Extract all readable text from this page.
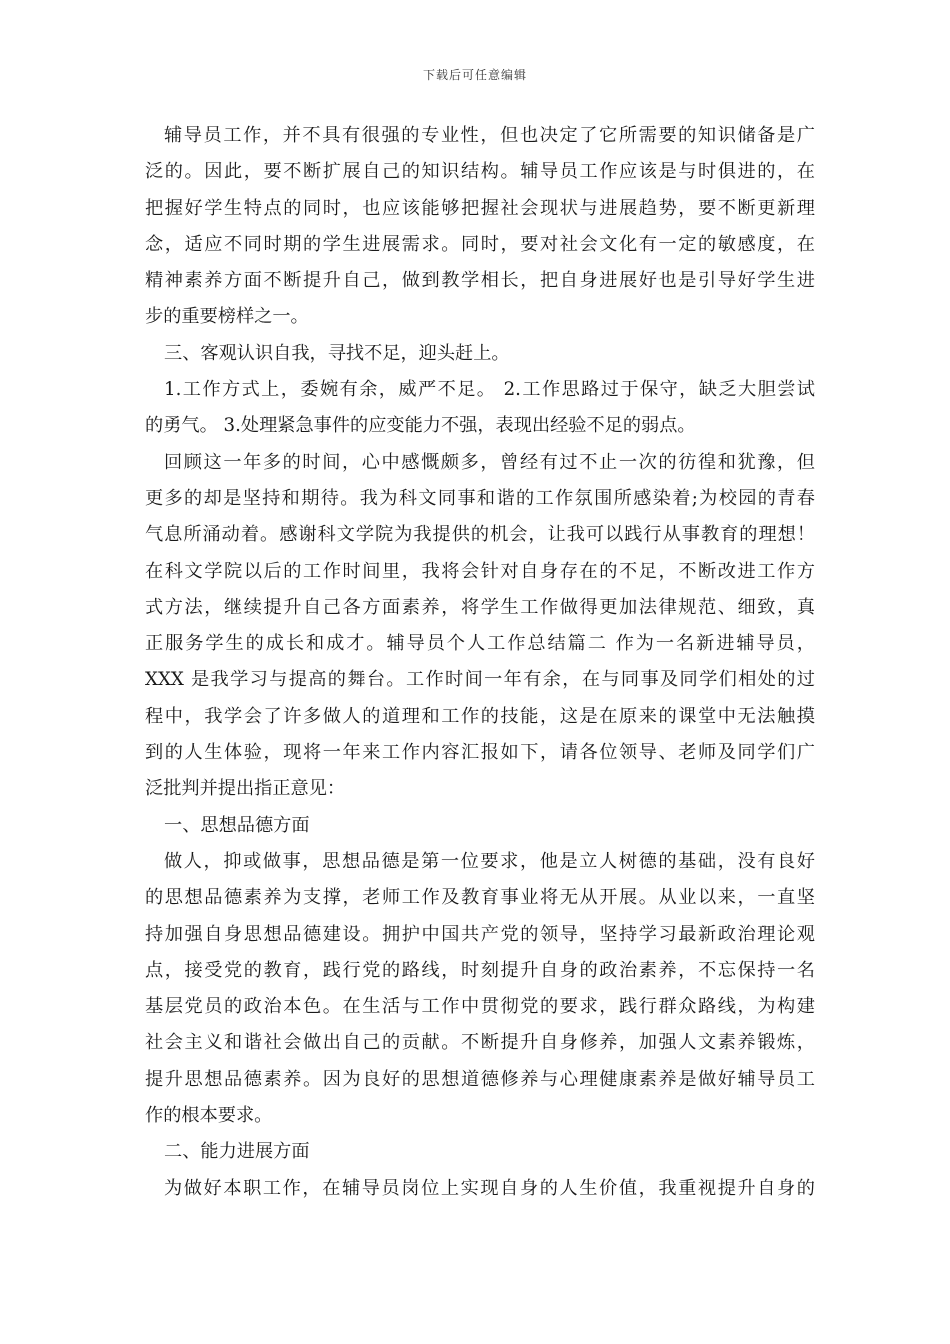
下载后可任意编辑
辅导员工作，并不具有很强的专业性，但也决定了它所需要的知识储备是广
泛的。因此，要不断扩展自己的知识结构。辅导员工作应该是与时俱进的，在
把握好学生特点的同时，也应该能够把握社会现状与进展趋势，要不断更新理
念，适应不同时期的学生进展需求。同时，要对社会文化有一定的敏感度，在
精神素养方面不断提升自己，做到教学相长，把自身进展好也是引导好学生进
步的重要榜样之一。
三、客观认识自我，寻找不足，迎头赶上。
1.工作方式上，委婉有余，威严不足。 2.工作思路过于保守，缺乏大胆尝试
的勇气。 3.处理紧急事件的应变能力不强，表现出经验不足的弱点。
回顾这一年多的时间，心中感慨颇多，曾经有过不止一次的彷徨和犹豫，但
更多的却是坚持和期待。我为科文同事和谐的工作氛围所感染着;为校园的青春
气息所涌动着。感谢科文学院为我提供的机会，让我可以践行从事教育的理想！
在科文学院以后的工作时间里，我将会针对自身存在的不足，不断改进工作方
式方法，继续提升自己各方面素养，将学生工作做得更加法律规范、细致，真
正服务学生的成长和成才。辅导员个人工作总结篇二 作为一名新进辅导员，
XXX 是我学习与提高的舞台。工作时间一年有余，在与同事及同学们相处的过
程中，我学会了许多做人的道理和工作的技能，这是在原来的课堂中无法触摸
到的人生体验，现将一年来工作内容汇报如下，请各位领导、老师及同学们广
泛批判并提出指正意见：
一、思想品德方面
做人，抑或做事，思想品德是第一位要求，他是立人树德的基础，没有良好
的思想品德素养为支撑，老师工作及教育事业将无从开展。从业以来，一直坚
持加强自身思想品德建设。拥护中国共产党的领导，坚持学习最新政治理论观
点，接受党的教育，践行党的路线，时刻提升自身的政治素养，不忘保持一名
基层党员的政治本色。在生活与工作中贯彻党的要求，践行群众路线，为构建
社会主义和谐社会做出自己的贡献。不断提升自身修养，加强人文素养锻炼，
提升思想品德素养。因为良好的思想道德修养与心理健康素养是做好辅导员工
作的根本要求。
二、能力进展方面
为做好本职工作，在辅导员岗位上实现自身的人生价值，我重视提升自身的
